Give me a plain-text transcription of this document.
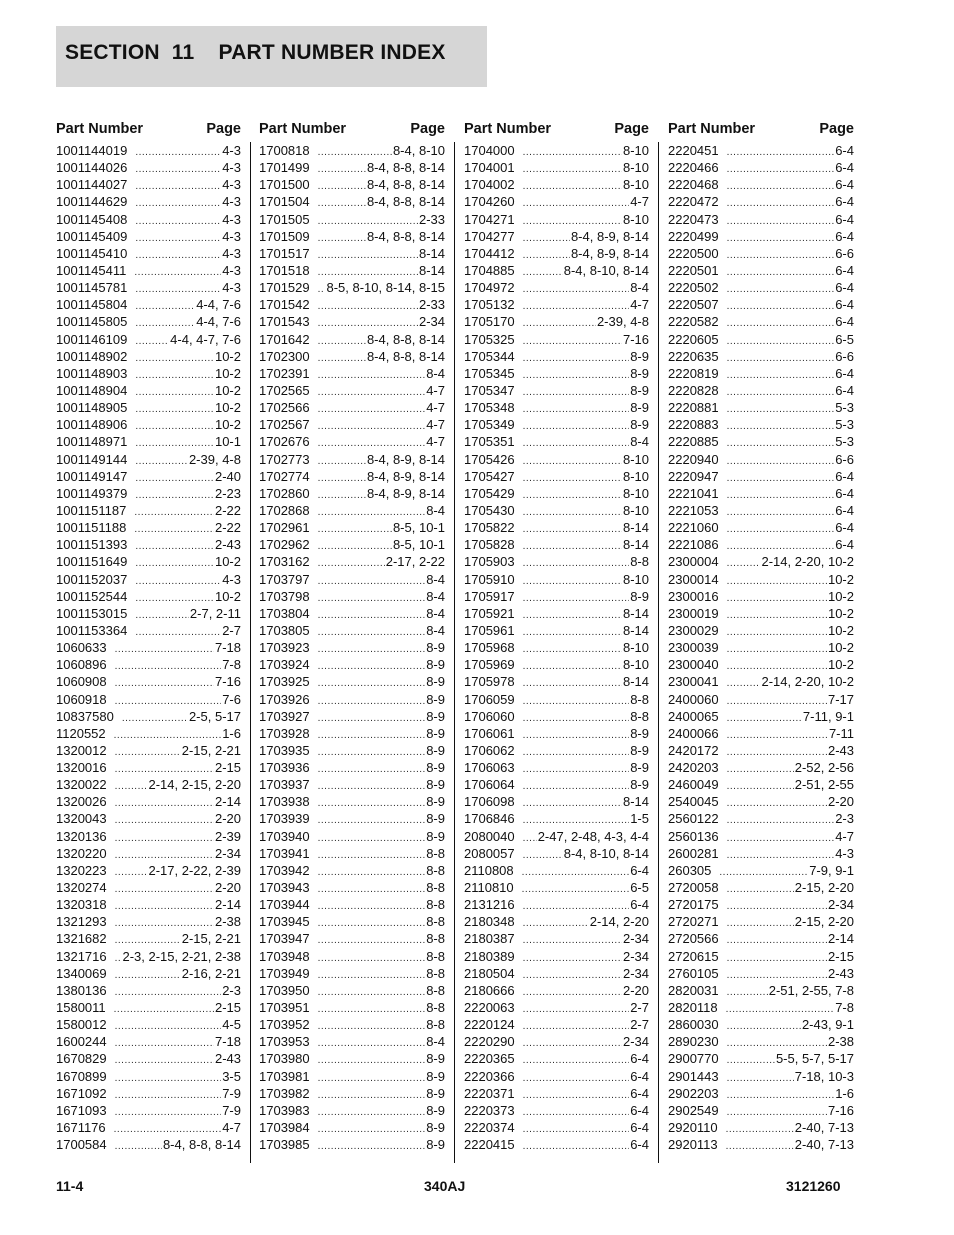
SECTION  11    PART NUMBER INDEX
Part Number	Page
1001144019 .....	4-3
1001144026 .....	4-3
1001144027 .....	4-3
1001144629 .....	4-3
1001145408 .....	4-3
1001145409 .....	4-3
1001145410 .....	4-3
1001145411 .....	4-3
1001145781 .....	4-3
1001145804 .....	4-4, 7-6
1001145805 .....	4-4, 7-6
1001146109 .....	4-4, 4-7, 7-6
1001148902 .....	10-2
1001148903 .....	10-2
1001148904 .....	10-2
1001148905 .....	10-2
1001148906 .....	10-2
1001148971 .....	10-1
1001149144 .....	2-39, 4-8
1001149147 .....	2-40
1001149379 .....	2-23
1001151187 .....	2-22
1001151188 .....	2-22
1001151393 .....	2-43
1001151649 .....	10-2
1001152037 .....	4-3
1001152544 .....	10-2
1001153015 .....	2-7, 2-11
1001153364 .....	2-7
1060633 .....	7-18
1060896 .....	7-8
1060908 .....	7-16
1060918 .....	7-6
10837580 .....	2-5, 5-17
1120552 .....	1-6
1320012 .....	2-15, 2-21
1320016 .....	2-15
1320022 .....	2-14, 2-15, 2-20
1320026 .....	2-14
1320043 .....	2-20
1320136 .....	2-39
1320220 .....	2-34
1320223 .....	2-17, 2-22, 2-39
1320274 .....	2-20
1320318 .....	2-14
1321293 .....	2-38
1321682 .....	2-15, 2-21
1321716 ..... 2-3, 2-15, 2-21, 2-38
1340069 .....	2-16, 2-21
1380136 .....	2-3
1580011 .....	2-15
1580012 .....	4-5
1600244 .....	7-18
1670829 .....	2-43
1670899 .....	3-5
1671092 .....	7-9
1671093 .....	7-9
1671176 .....	4-7
1700584 .....	8-4, 8-8, 8-14
Part Number	Page
1700818 .....	8-4, 8-10
1701499 .....	8-4, 8-8, 8-14
1701500 .....	8-4, 8-8, 8-14
1701504 .....	8-4, 8-8, 8-14
1701505 .....	2-33
1701509 .....	8-4, 8-8, 8-14
1701517 .....	8-14
1701518 .....	8-14
1701529 ..... 8-5, 8-10, 8-14, 8-15
1701542 .....	2-33
1701543 .....	2-34
1701642 .....	8-4, 8-8, 8-14
1702300 .....	8-4, 8-8, 8-14
1702391 .....	8-4
1702565 .....	4-7
1702566 .....	4-7
1702567 .....	4-7
1702676 .....	4-7
1702773 .....	8-4, 8-9, 8-14
1702774 .....	8-4, 8-9, 8-14
1702860 .....	8-4, 8-9, 8-14
1702868 .....	8-4
1702961 .....	8-5, 10-1
1702962 .....	8-5, 10-1
1703162 .....	2-17, 2-22
1703797 .....	8-4
1703798 .....	8-4
1703804 .....	8-4
1703805 .....	8-4
1703923 .....	8-9
1703924 .....	8-9
1703925 .....	8-9
1703926 .....	8-9
1703927 .....	8-9
1703928 .....	8-9
1703935 .....	8-9
1703936 .....	8-9
1703937 .....	8-9
1703938 .....	8-9
1703939 .....	8-9
1703940 .....	8-9
1703941 .....	8-8
1703942 .....	8-8
1703943 .....	8-8
1703944 .....	8-8
1703945 .....	8-8
1703947 .....	8-8
1703948 .....	8-8
1703949 .....	8-8
1703950 .....	8-8
1703951 .....	8-8
1703952 .....	8-8
1703953 .....	8-4
1703980 .....	8-9
1703981 .....	8-9
1703982 .....	8-9
1703983 .....	8-9
1703984 .....	8-9
1703985 .....	8-9
Part Number	Page
1704000 .....	8-10
1704001 .....	8-10
1704002 .....	8-10
1704260 .....	4-7
1704271 .....	8-10
1704277 .....	8-4, 8-9, 8-14
1704412 .....	8-4, 8-9, 8-14
1704885 .....	8-4, 8-10, 8-14
1704972 .....	8-4
1705132 .....	4-7
1705170 .....	2-39, 4-8
1705325 .....	7-16
1705344 .....	8-9
1705345 .....	8-9
1705347 .....	8-9
1705348 .....	8-9
1705349 .....	8-9
1705351 .....	8-4
1705426 .....	8-10
1705427 .....	8-10
1705429 .....	8-10
1705430 .....	8-10
1705822 .....	8-14
1705828 .....	8-14
1705903 .....	8-8
1705910 .....	8-10
1705917 .....	8-9
1705921 .....	8-14
1705961 .....	8-14
1705968 .....	8-10
1705969 .....	8-10
1705978 .....	8-14
1706059 .....	8-8
1706060 .....	8-8
1706061 .....	8-9
1706062 .....	8-9
1706063 .....	8-9
1706064 .....	8-9
1706098 .....	8-14
1706846 .....	1-5
2080040 ..... 2-47, 2-48, 4-3, 4-4
2080057 .....	8-4, 8-10, 8-14
2110808 .....	6-4
2110810 .....	6-5
2131216 .....	6-4
2180348 .....	2-14, 2-20
2180387 .....	2-34
2180389 .....	2-34
2180504 .....	2-34
2180666 .....	2-20
2220063 .....	2-7
2220124 .....	2-7
2220290 .....	2-34
2220365 .....	6-4
2220366 .....	6-4
2220371 .....	6-4
2220373 .....	6-4
2220374 .....	6-4
2220415 .....	6-4
Part Number	Page
2220451 .....	6-4
2220466 .....	6-4
2220468 .....	6-4
2220472 .....	6-4
2220473 .....	6-4
2220499 .....	6-4
2220500 .....	6-6
2220501 .....	6-4
2220502 .....	6-4
2220507 .....	6-4
2220582 .....	6-4
2220605 .....	6-5
2220635 .....	6-6
2220819 .....	6-4
2220828 .....	6-4
2220881 .....	5-3
2220883 .....	5-3
2220885 .....	5-3
2220940 .....	6-6
2220947 .....	6-4
2221041 .....	6-4
2221053 .....	6-4
2221060 .....	6-4
2221086 .....	6-4
2300004 .....	2-14, 2-20, 10-2
2300014 .....	10-2
2300016 .....	10-2
2300019 .....	10-2
2300029 .....	10-2
2300039 .....	10-2
2300040 .....	10-2
2300041 .....	2-14, 2-20, 10-2
2400060 .....	7-17
2400065 .....	7-11, 9-1
2400066 .....	7-11
2420172 .....	2-43
2420203 .....	2-52, 2-56
2460049 .....	2-51, 2-55
2540045 .....	2-20
2560122 .....	2-3
2560136 .....	4-7
2600281 .....	4-3
260305 .....	7-9, 9-1
2720058 .....	2-15, 2-20
2720175 .....	2-34
2720271 .....	2-15, 2-20
2720566 .....	2-14
2720615 .....	2-15
2760105 .....	2-43
2820031 .....	2-51, 2-55, 7-8
2820118 .....	7-8
2860030 .....	2-43, 9-1
2890230 .....	2-38
2900770 .....	5-5, 5-7, 5-17
2901443 .....	7-18, 10-3
2902203 .....	1-6
2902549 .....	7-16
2920110 .....	2-40, 7-13
2920113 .....	2-40, 7-13
11-4	340AJ	3121260
